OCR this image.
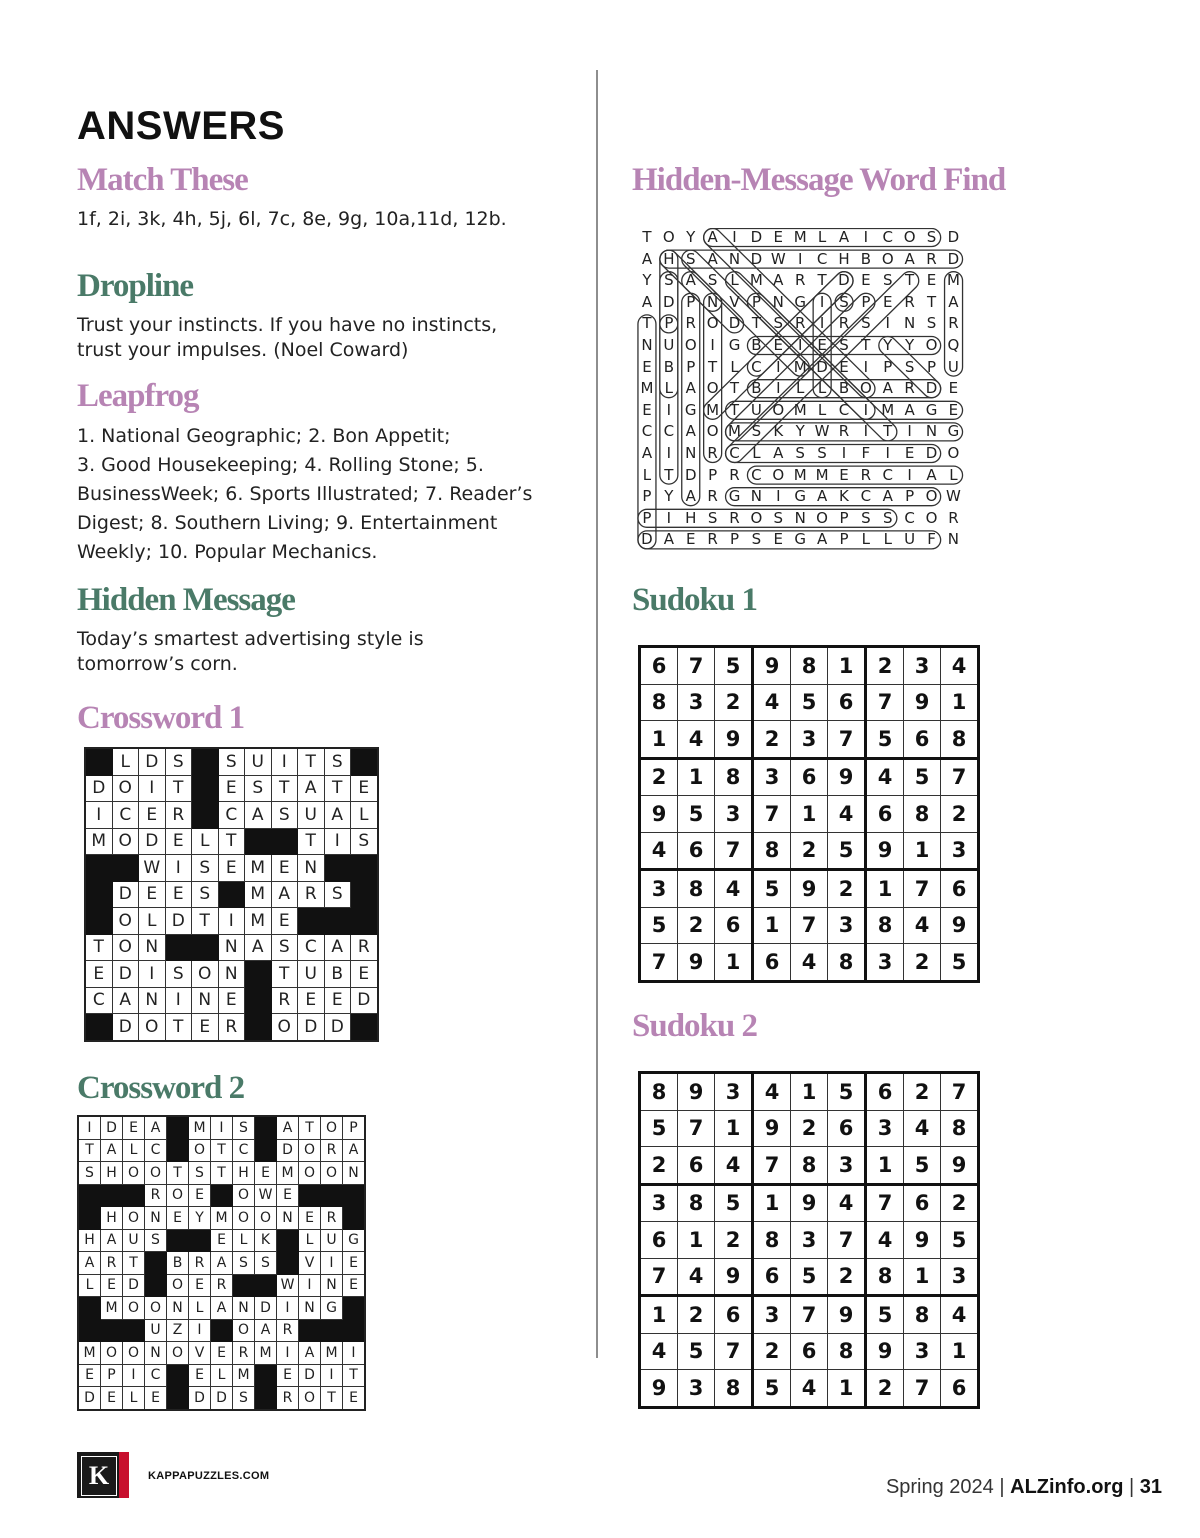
ANSWERS
Match These
1f, 2i, 3k, 4h, 5j, 6l, 7c, 8e, 9g, 10a,11d, 12b.
Dropline
Trust your instincts. If you have no instincts,
trust your impulses. (Noel Coward)
Leapfrog
1. National Geographic; 2. Bon Appetit;
3. Good Housekeeping; 4. Rolling Stone; 5.
BusinessWeek; 6. Sports Illustrated; 7. Reader’s
Digest; 8. Southern Living; 9. Entertainment
Weekly; 10. Popular Mechanics.
Hidden Message
Today’s smartest advertising style is
tomorrow’s corn.
Crossword 1
	L	D	S		S	U	I	T	S	
D	O	I	T		E	S	T	A	T	E
I	C	E	R		C	A	S	U	A	L
M	O	D	E	L	T			T	I	S
		W	I	S	E	M	E	N		
	D	E	E	S		M	A	R	S	
	O	L	D	T	I	M	E			
T	O	N			N	A	S	C	A	R
E	D	I	S	O	N		T	U	B	E
C	A	N	I	N	E		R	E	E	D
	D	O	T	E	R		O	D	D	
Crossword 2
I	D	E	A		M	I	S		A	T	O	P
T	A	L	C		O	T	C		D	O	R	A
S	H	O	O	T	S	T	H	E	M	O	O	N
			R	O	E		O	W	E			
	H	O	N	E	Y	M	O	O	N	E	R	
H	A	U	S			E	L	K		L	U	G
A	R	T		B	R	A	S	S		V	I	E
L	E	D		O	E	R			W	I	N	E
	M	O	O	N	L	A	N	D	I	N	G	
			U	Z	I		O	A	R			
M	O	O	N	O	V	E	R	M	I	A	M	I
E	P	I	C		E	L	M		E	D	I	T
D	E	L	E		D	D	S		R	O	T	E
Hidden-Message Word Find
T O Y A I D E M L A I C O S D
A H S A N D W I C H B O A R D
Y S A S L M A R T D E S T E M
A D P N V P N G I S P E R T A
T P R O D T S R I R S I N S R
N U O I G B E I E S T Y Y O Q
E B P T L C I M D E I	P S P U
M L A O T B I	L L B O A R D E
E I G M T U O M L C I M A G E
C C A O M S K Y W R I	T	I N G
A I N R C L A S S I	F	I E D O
L T D P R C O M M E R C I A L
P Y A R G N I G A K C A P O W
P	I H S R O S N O P S S C O R
D A E R P S E G A P L L U F N
Sudoku 1
6	7	5	9	8	1	2	3	4
8	3	2	4	5	6	7	9	1
1	4	9	2	3	7	5	6	8
2	1	8	3	6	9	4	5	7
9	5	3	7	1	4	6	8	2
4	6	7	8	2	5	9	1	3
3	8	4	5	9	2	1	7	6
5	2	6	1	7	3	8	4	9
7	9	1	6	4	8	3	2	5
Sudoku 2
8	9	3	4	1	5	6	2	7
5	7	1	9	2	6	3	4	8
2	6	4	7	8	3	1	5	9
3	8	5	1	9	4	7	6	2
6	1	2	8	3	7	4	9	5
7	4	9	6	5	2	8	1	3
1	2	6	3	7	9	5	8	4
4	5	7	2	6	8	9	3	1
9	3	8	5	4	1	2	7	6
K	KAPPAPUZZLES.COM	Spring 2024 | ALZinfo.org | 31
